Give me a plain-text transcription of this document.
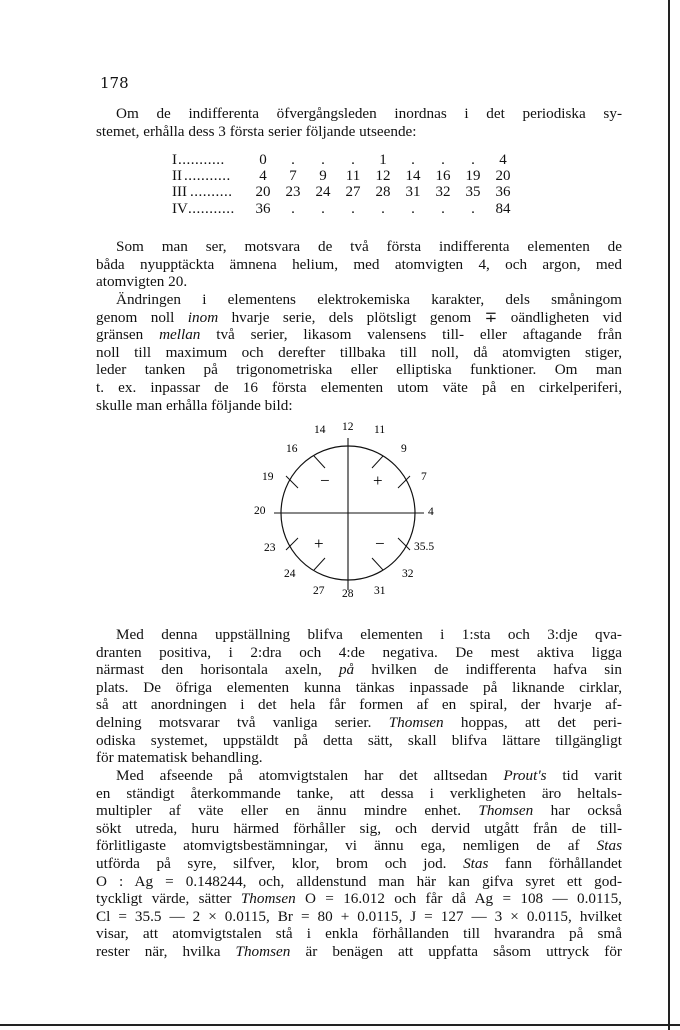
178
Om de indifferenta öfvergångsleden inordnas i det periodiska sy-
stemet, erhålla dess 3 första serier följande utseende:
I ...........	0	.	.	.	1	.	.	.	4
II ...........	4	7	9	11	12	14	16	19	20
III ..........	20	23	24	27	28	31	32	35	36
IV ...........	36	.	.	.	.	.	.	.	84
Som man ser, motsvara de två första indifferenta elementen de
båda nyupptäckta ämnena helium, med atomvigten 4, och argon, med
atomvigten 20.
Ändringen i elementens elektrokemiska karakter, dels småningom
genom noll inom hvarje serie, dels plötsligt genom ∓ oändligheten vid
gränsen mellan två serier, likasom valensens till- eller aftagande från
noll till maximum och derefter tillbaka till noll, då atomvigten stiger,
leder tanken på trigonometriska eller elliptiska funktioner. Om man
t. ex. inpassar de 16 första elementen utom väte på en cirkelperiferi,
skulle man erhålla följande bild:
−	+
+	−
12
14	11
16	9
19	7
20	4
23	35.5
24	32
27 28 31
Med denna uppställning blifva elementen i 1:sta och 3:dje qva-
dranten positiva, i 2:dra och 4:de negativa. De mest aktiva ligga
närmast den horisontala axeln, på hvilken de indifferenta hafva sin
plats. De öfriga elementen kunna tänkas inpassade på liknande cirklar,
så att anordningen i det hela får formen af en spiral, der hvarje af-
delning motsvarar två vanliga serier. Thomsen hoppas, att det peri-
odiska systemet, uppstäldt på detta sätt, skall blifva lättare tillgängligt
för matematisk behandling.
Med afseende på atomvigtstalen har det alltsedan Prout's tid varit
en ständigt återkommande tanke, att dessa i verkligheten äro heltals-
multipler af väte eller en ännu mindre enhet. Thomsen har också
sökt utreda, huru härmed förhåller sig, och dervid utgått från de till-
förlitligaste atomvigtsbestämningar, vi ännu ega, nemligen de af Stas
utförda på syre, silfver, klor, brom och jod. Stas fann förhållandet
O : Ag = 0.148244, och, alldenstund man här kan gifva syret ett god-
tyckligt värde, sätter Thomsen O = 16.012 och får då Ag = 108 — 0.0115,
Cl = 35.5 — 2 × 0.0115, Br = 80 + 0.0115, J = 127 — 3 × 0.0115, hvilket
visar, att atomvigtstalen stå i enkla förhållanden till hvarandra på små
rester när, hvilka Thomsen är benägen att uppfatta såsom uttryck för
